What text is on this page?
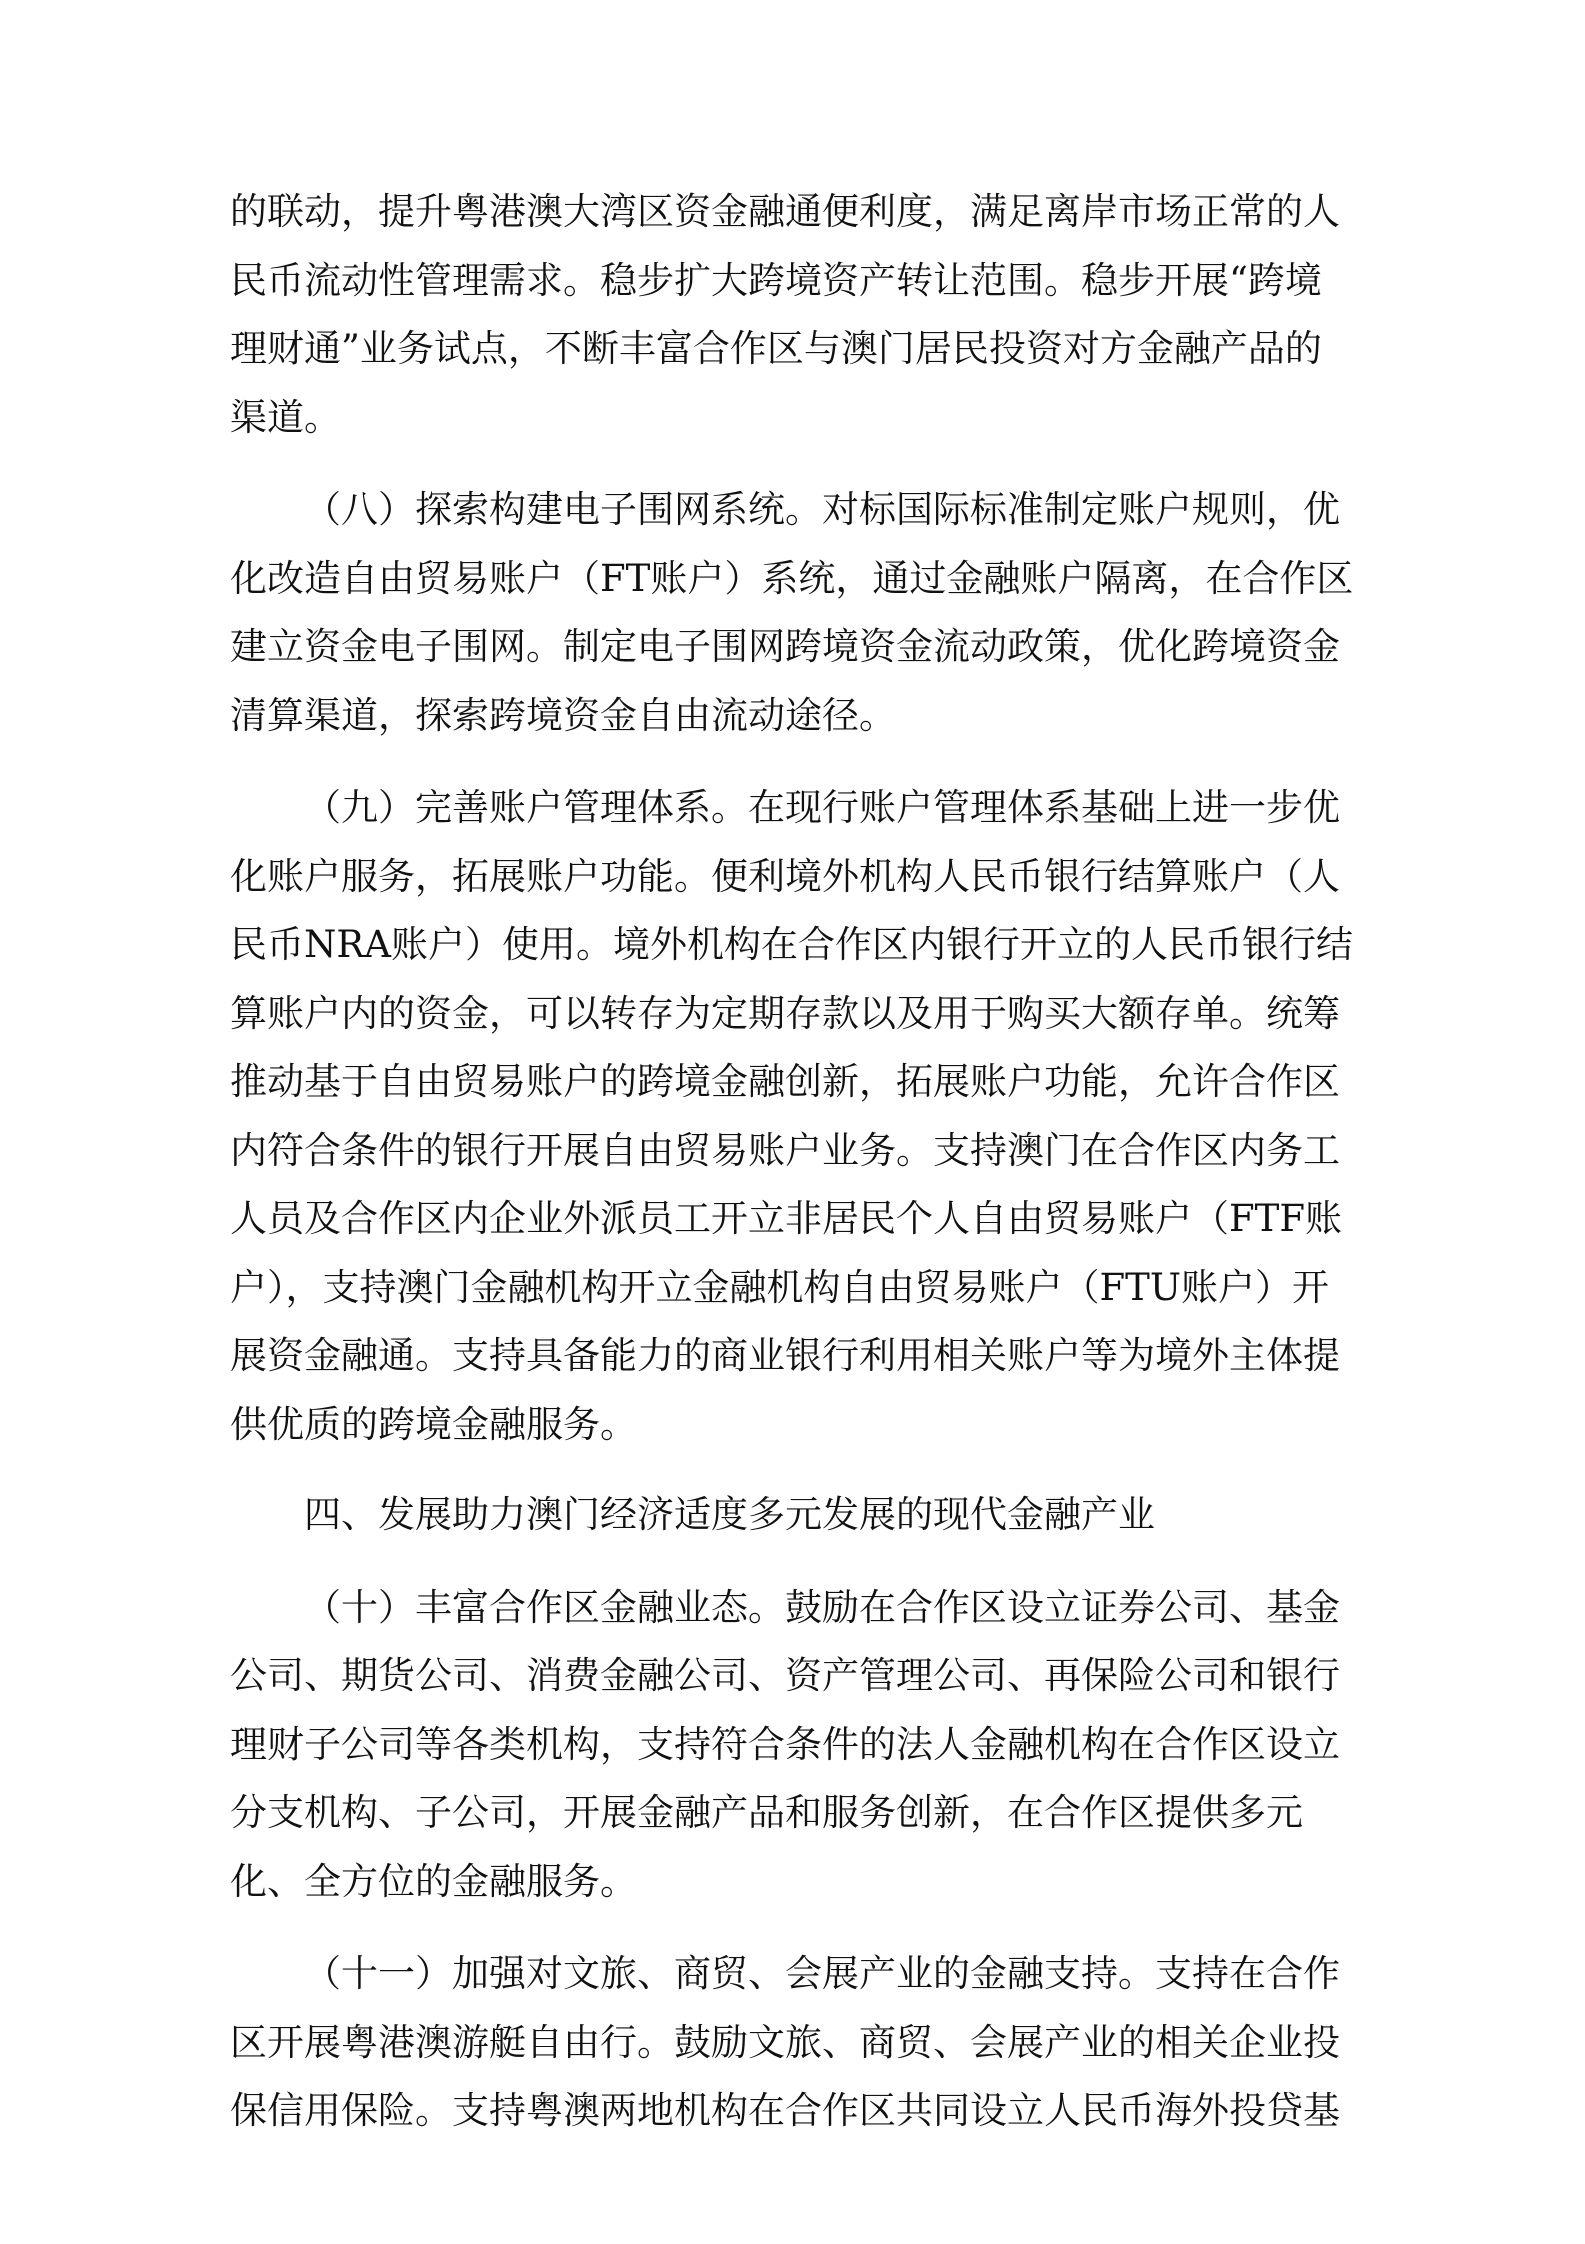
的联动，提升粤港澳大湾区资金融通便利度，满足离岸市场正常的人
民币流动性管理需求。稳步扩大跨境资产转让范围。稳步开展“跨境
理财通”业务试点，不断丰富合作区与澳门居民投资对方金融产品的
渠道。

（八）探索构建电子围网系统。对标国际标准制定账户规则，优
化改造自由贸易账户（FT账户）系统，通过金融账户隔离，在合作区
建立资金电子围网。制定电子围网跨境资金流动政策，优化跨境资金
清算渠道，探索跨境资金自由流动途径。

（九）完善账户管理体系。在现行账户管理体系基础上进一步优
化账户服务，拓展账户功能。便利境外机构人民币银行结算账户（人
民币NRA账户）使用。境外机构在合作区内银行开立的人民币银行结
算账户内的资金，可以转存为定期存款以及用于购买大额存单。统筹
推动基于自由贸易账户的跨境金融创新，拓展账户功能，允许合作区
内符合条件的银行开展自由贸易账户业务。支持澳门在合作区内务工
人员及合作区内企业外派员工开立非居民个人自由贸易账户（FTF账
户），支持澳门金融机构开立金融机构自由贸易账户（FTU账户）开
展资金融通。支持具备能力的商业银行利用相关账户等为境外主体提
供优质的跨境金融服务。

四、发展助力澳门经济适度多元发展的现代金融产业

（十）丰富合作区金融业态。鼓励在合作区设立证券公司、基金
公司、期货公司、消费金融公司、资产管理公司、再保险公司和银行
理财子公司等各类机构，支持符合条件的法人金融机构在合作区设立
分支机构、子公司，开展金融产品和服务创新，在合作区提供多元
化、全方位的金融服务。

（十一）加强对文旅、商贸、会展产业的金融支持。支持在合作
区开展粤港澳游艇自由行。鼓励文旅、商贸、会展产业的相关企业投
保信用保险。支持粤澳两地机构在合作区共同设立人民币海外投贷基
